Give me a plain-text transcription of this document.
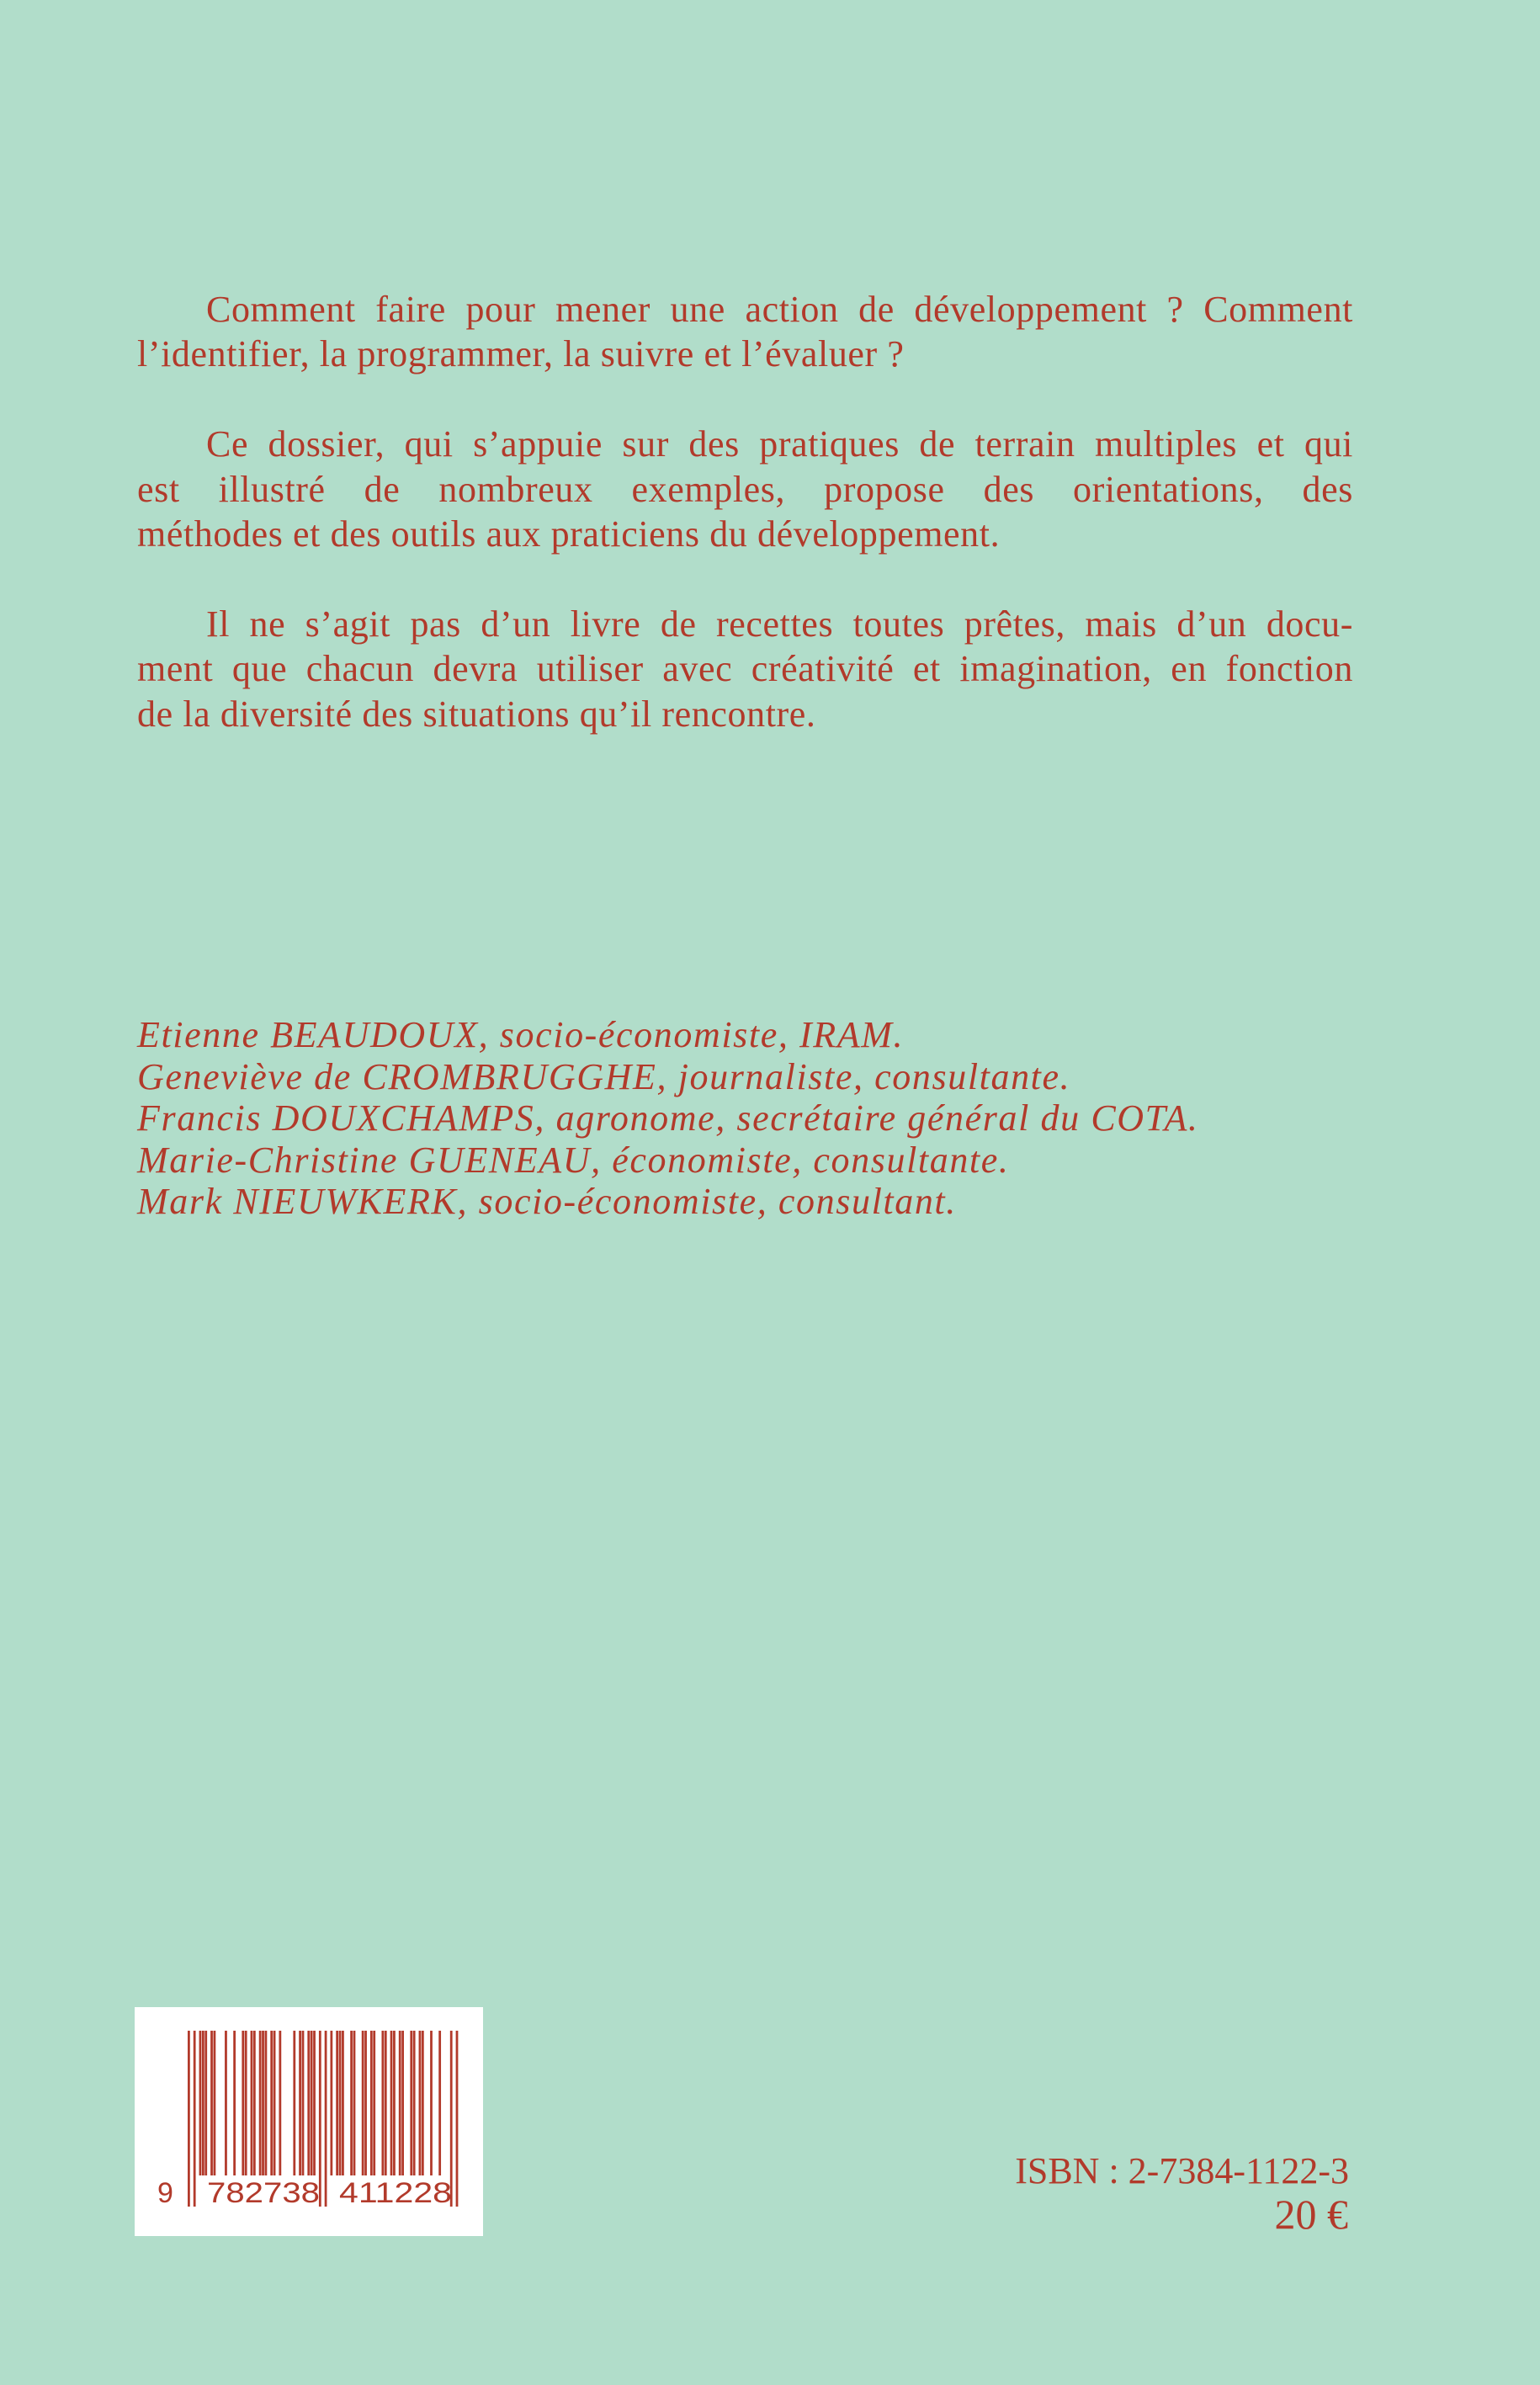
Comment faire pour mener une action de développement ? Comment
l’identifier, la programmer, la suivre et l’évaluer ?

Ce dossier, qui s’appuie sur des pratiques de terrain multiples et qui
est illustré de nombreux exemples, propose des orientations, des
méthodes et des outils aux praticiens du développement.

Il ne s’agit pas d’un livre de recettes toutes prêtes, mais d’un docu-
ment que chacun devra utiliser avec créativité et imagination, en fonction
de la diversité des situations qu’il rencontre.

Etienne BEAUDOUX, socio-économiste, IRAM.
Geneviève de CROMBRUGGHE, journaliste, consultante.
Francis DOUXCHAMPS, agronome, secrétaire général du COTA.
Marie-Christine GUENEAU, économiste, consultante.
Mark NIEUWKERK, socio-économiste, consultant.
9 782738 411228
ISBN : 2-7384-1122-3
20 €
